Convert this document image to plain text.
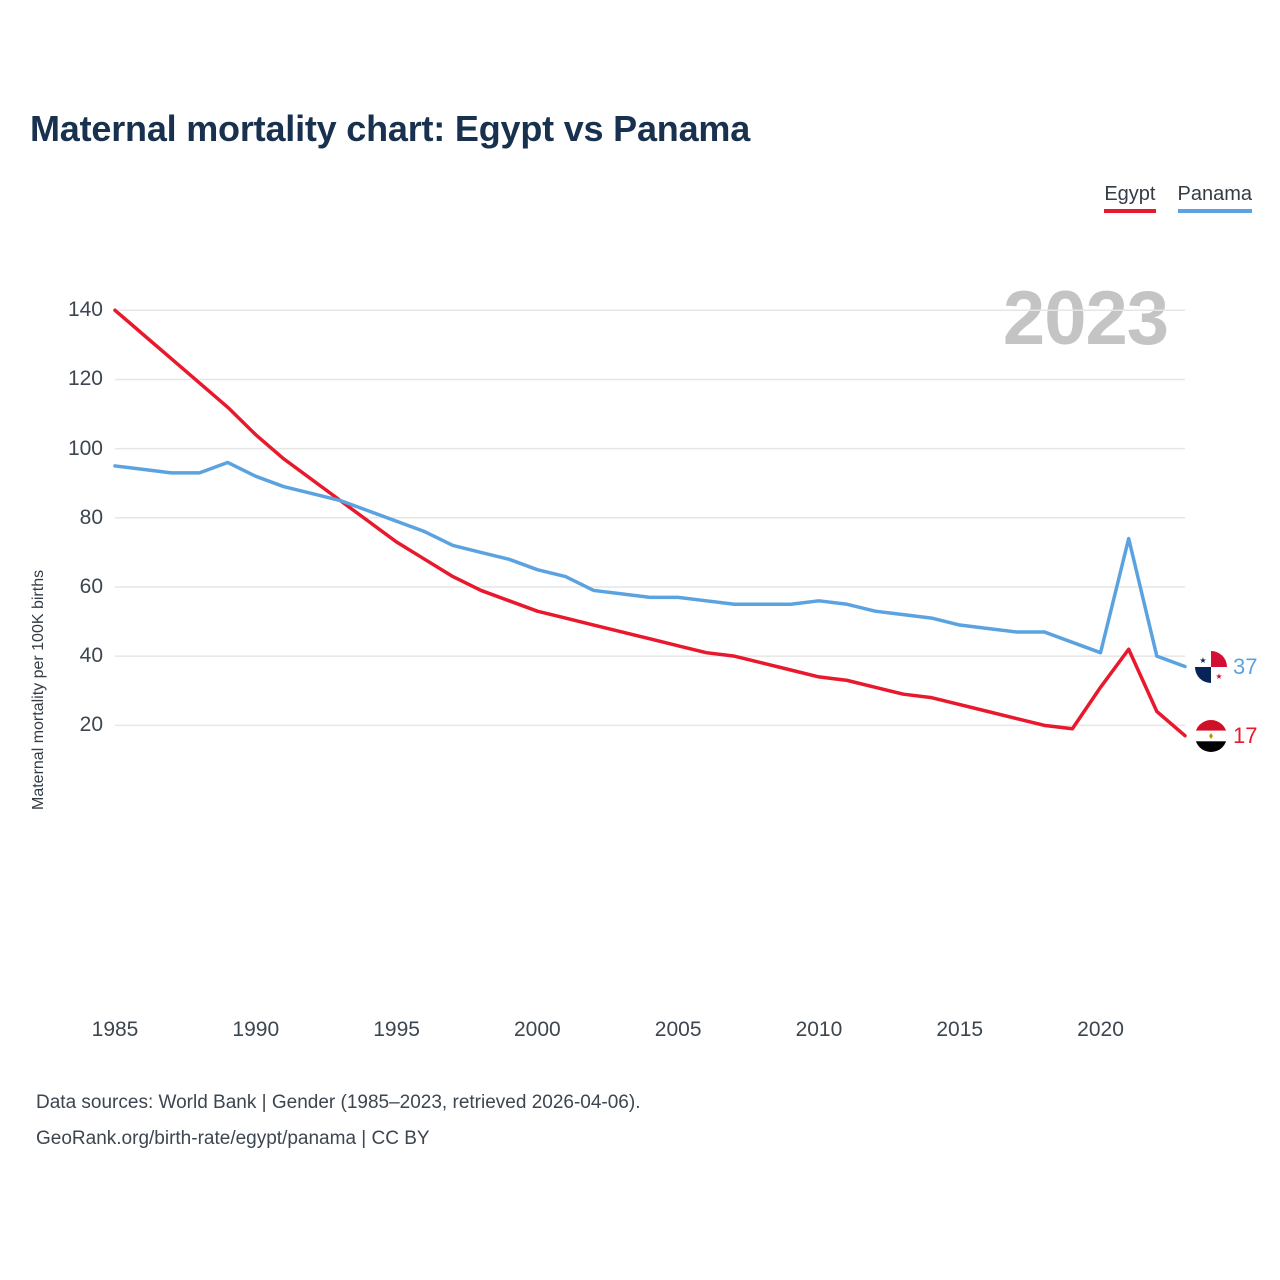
Maternal mortality chart: Egypt vs Panama
Egypt Panama
2023
Maternal mortality per 100K births	20
40
60
80
100
120
140
1985	1990	1995	2000	2005	2010	2015	2020
★
★ 37
17
Data sources: World Bank | Gender (1985–2023, retrieved 2026-04-06).
GeoRank.org/birth-rate/egypt/panama | CC BY
